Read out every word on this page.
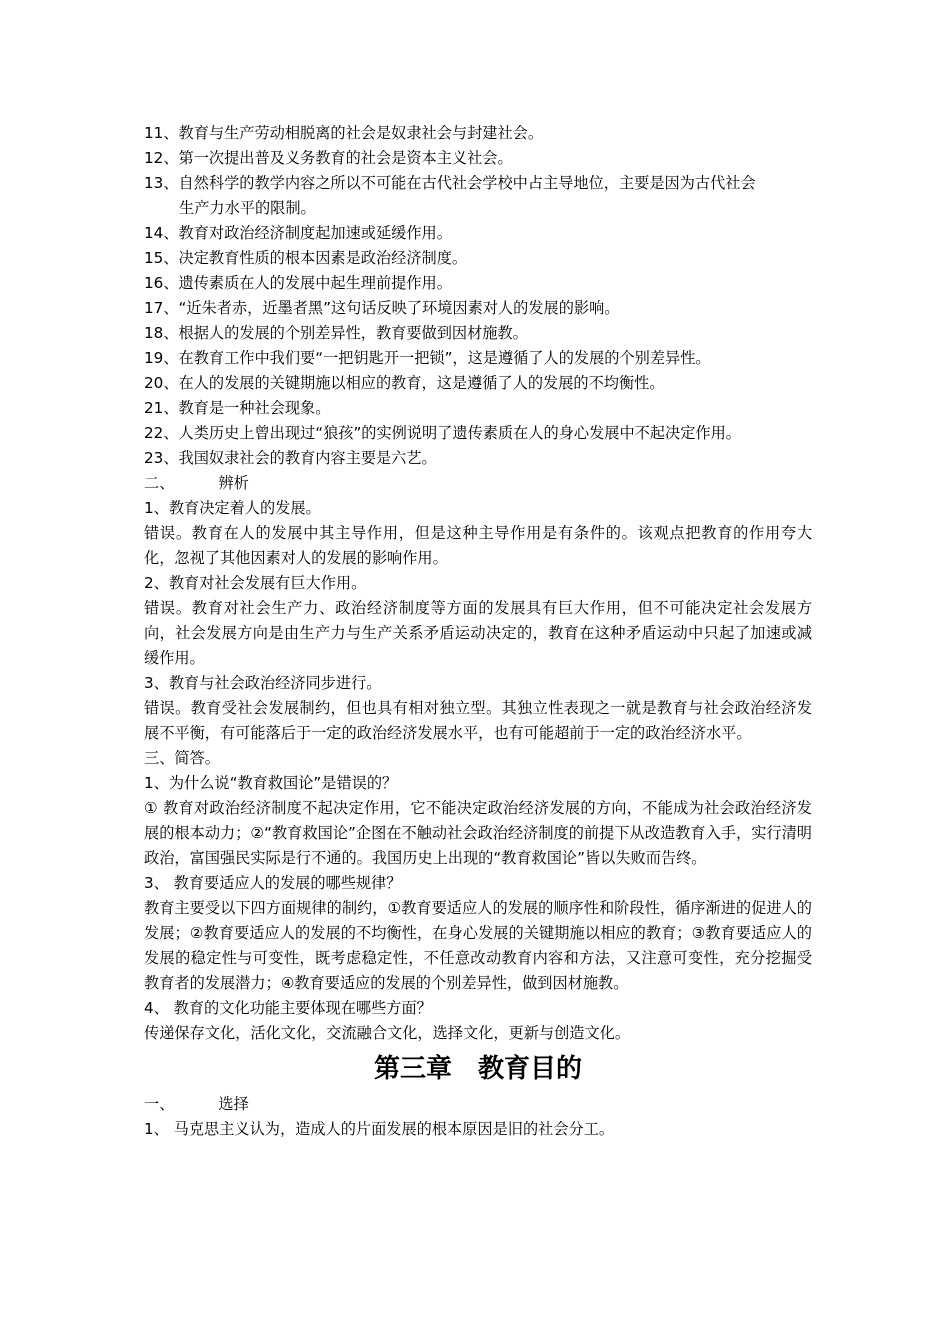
11、教育与生产劳动相脱离的社会是奴隶社会与封建社会。

12、第一次提出普及义务教育的社会是资本主义社会。

13、自然科学的教学内容之所以不可能在古代社会学校中占主导地位，主要是因为古代社会

生产力水平的限制。

14、教育对政治经济制度起加速或延缓作用。

15、决定教育性质的根本因素是政治经济制度。

16、遗传素质在人的发展中起生理前提作用。

17、“近朱者赤，近墨者黑”这句话反映了环境因素对人的发展的影响。

18、根据人的发展的个别差异性，教育要做到因材施教。

19、在教育工作中我们要“一把钥匙开一把锁”，这是遵循了人的发展的个别差异性。

20、在人的发展的关键期施以相应的教育，这是遵循了人的发展的不均衡性。

21、教育是一种社会现象。

22、人类历史上曾出现过“狼孩”的实例说明了遗传素质在人的身心发展中不起决定作用。

23、我国奴隶社会的教育内容主要是六艺。

二、	辨析

1、教育决定着人的发展。

错误。教育在人的发展中其主导作用，但是这种主导作用是有条件的。该观点把教育的作用夸大化，忽视了其他因素对人的发展的影响作用。

2、教育对社会发展有巨大作用。

错误。教育对社会生产力、政治经济制度等方面的发展具有巨大作用，但不可能决定社会发展方向，社会发展方向是由生产力与生产关系矛盾运动决定的，教育在这种矛盾运动中只起了加速或减缓作用。

3、教育与社会政治经济同步进行。

错误。教育受社会发展制约，但也具有相对独立型。其独立性表现之一就是教育与社会政治经济发展不平衡，有可能落后于一定的政治经济发展水平，也有可能超前于一定的政治经济水平。

三、简答。

1、为什么说“教育救国论”是错误的？

① 教育对政治经济制度不起决定作用，它不能决定政治经济发展的方向，不能成为社会政治经济发展的根本动力；②“教育救国论”企图在不触动社会政治经济制度的前提下从改造教育入手，实行清明政治，富国强民实际是行不通的。我国历史上出现的“教育救国论”皆以失败而告终。

3、 教育要适应人的发展的哪些规律？

教育主要受以下四方面规律的制约，①教育要适应人的发展的顺序性和阶段性，循序渐进的促进人的发展；②教育要适应人的发展的不均衡性，在身心发展的关键期施以相应的教育；③教育要适应人的发展的稳定性与可变性，既考虑稳定性，不任意改动教育内容和方法，又注意可变性，充分挖掘受教育者的发展潜力；④教育要适应的发展的个别差异性，做到因材施教。

4、 教育的文化功能主要体现在哪些方面？

传递保存文化，活化文化，交流融合文化，选择文化，更新与创造文化。

第三章　教育目的

一、	选择

1、 马克思主义认为，造成人的片面发展的根本原因是旧的社会分工。
